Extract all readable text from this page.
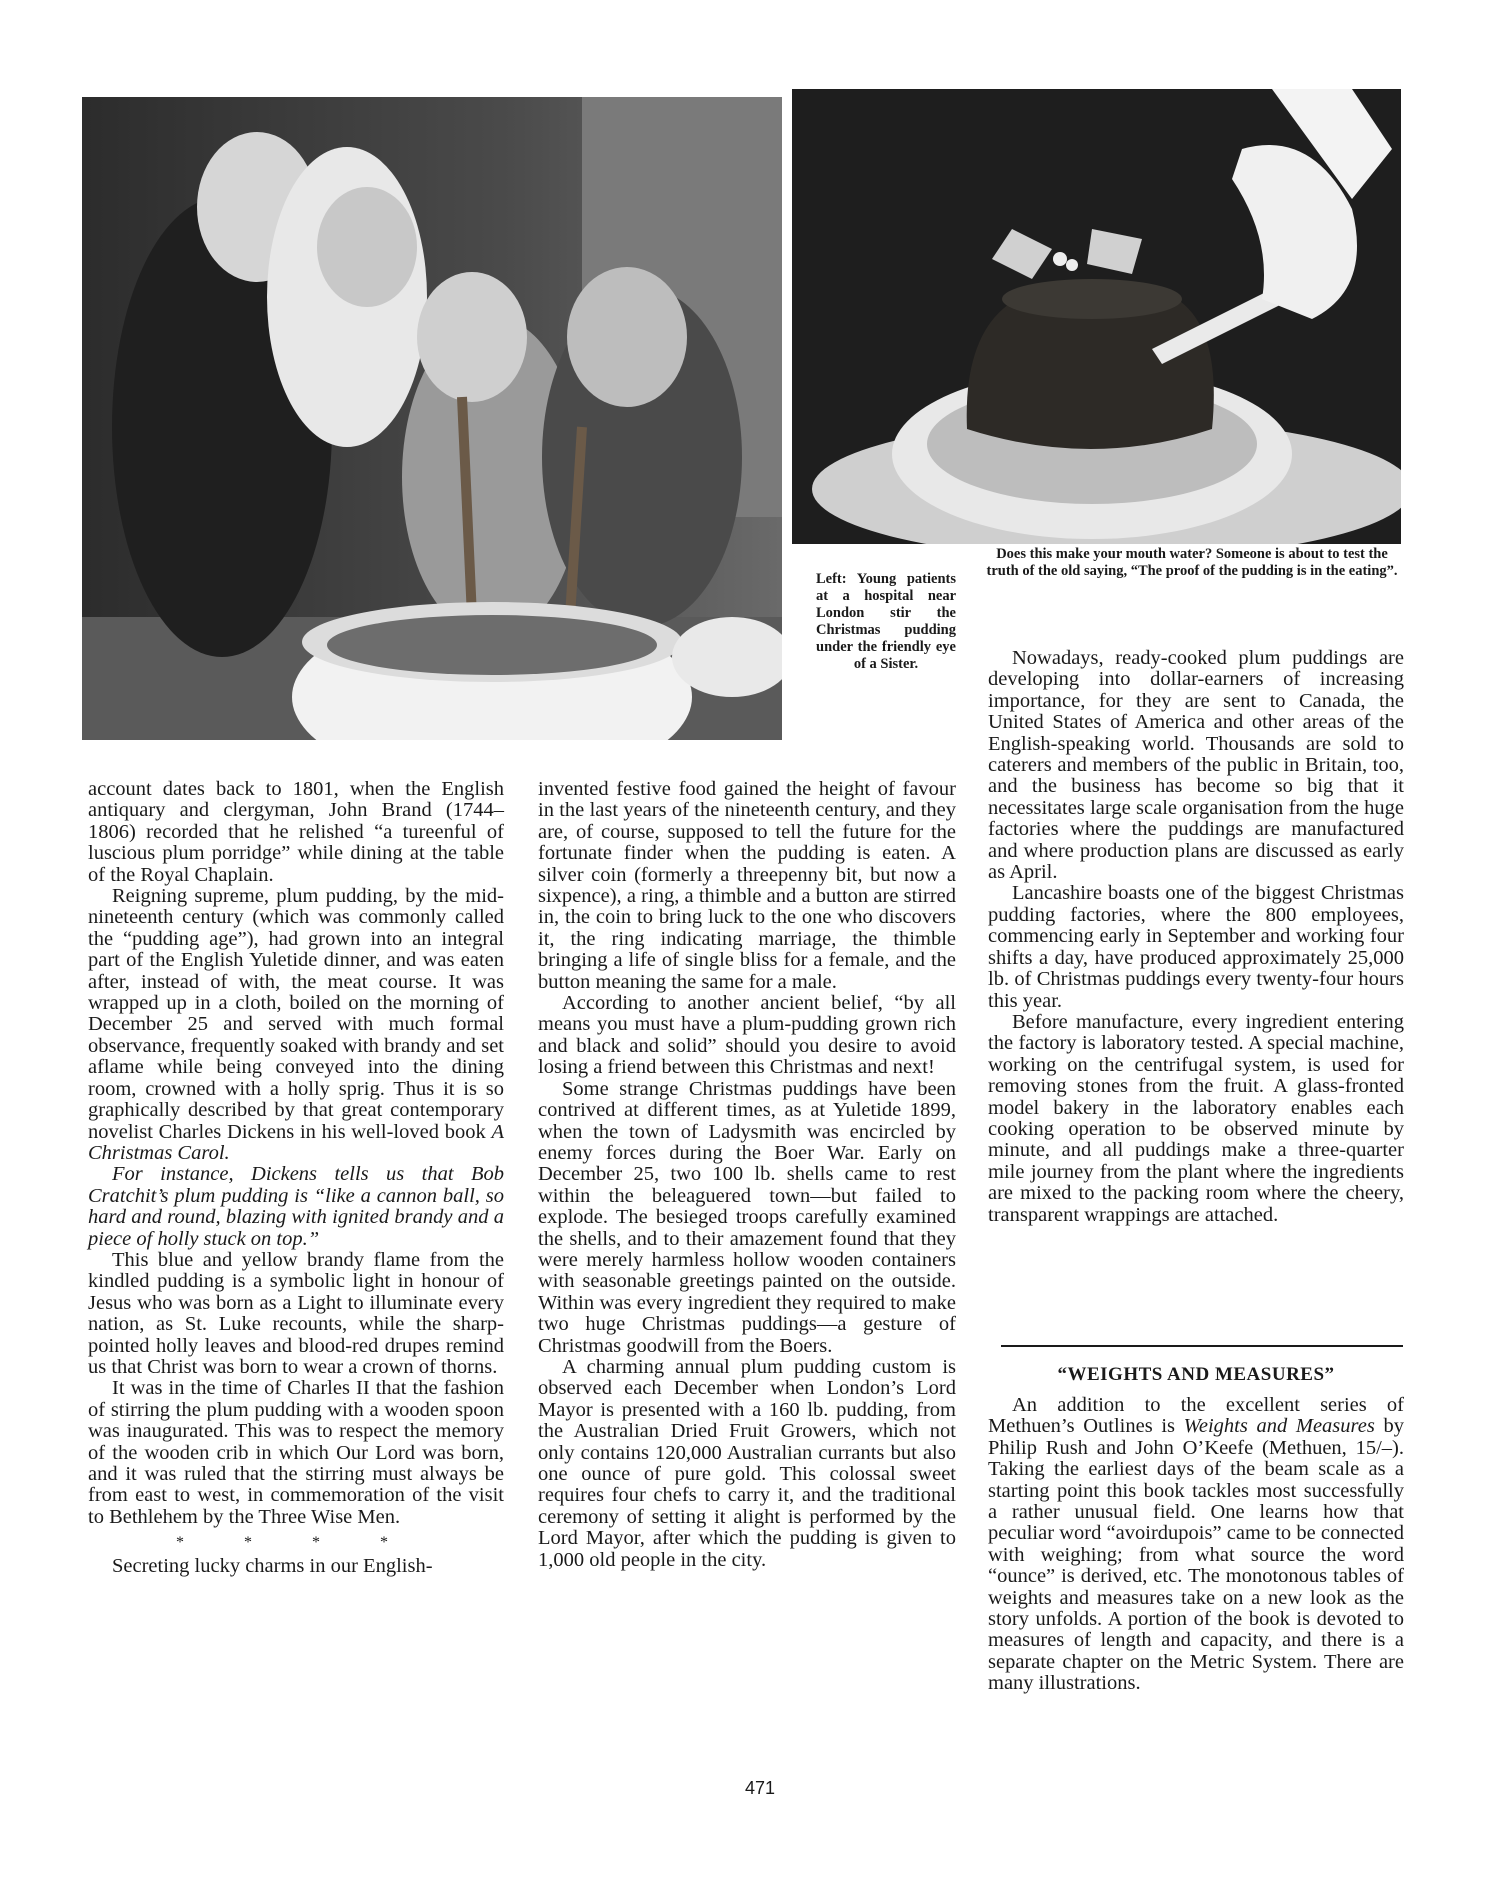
Left: Young patients at a hospital near London stir the Christmas pudding under the friendly eye of a Sister.
Does this make your mouth water? Someone is about to test the truth of the old saying, “The proof of the pudding is in the eating”.

account dates back to 1801, when the English antiquary and clergyman, John Brand (1744–1806) recorded that he relished “a tureenful of luscious plum porridge” while dining at the table of the Royal Chaplain.

Reigning supreme, plum pudding, by the mid-nineteenth century (which was commonly called the “pudding age”), had grown into an integral part of the English Yuletide dinner, and was eaten after, instead of with, the meat course. It was wrapped up in a cloth, boiled on the morning of December 25 and served with much formal observance, frequently soaked with brandy and set aflame while being conveyed into the dining room, crowned with a holly sprig. Thus it is so graphically described by that great contemporary novelist Charles Dickens in his well-loved book A Christmas Carol.

For instance, Dickens tells us that Bob Cratchit’s plum pudding is “like a cannon ball, so hard and round, blazing with ignited brandy and a piece of holly stuck on top.”

This blue and yellow brandy flame from the kindled pudding is a symbolic light in honour of Jesus who was born as a Light to illuminate every nation, as St. Luke recounts, while the sharp-pointed holly leaves and blood-red drupes remind us that Christ was born to wear a crown of thorns.

It was in the time of Charles II that the fashion of stirring the plum pudding with a wooden spoon was inaugurated. This was to respect the memory of the wooden crib in which Our Lord was born, and it was ruled that the stirring must always be from east to west, in commemoration of the visit to Bethlehem by the Three Wise Men.

* * * *

Secreting lucky charms in our English-

invented festive food gained the height of favour in the last years of the nineteenth century, and they are, of course, supposed to tell the future for the fortunate finder when the pudding is eaten. A silver coin (formerly a threepenny bit, but now a sixpence), a ring, a thimble and a button are stirred in, the coin to bring luck to the one who discovers it, the ring indicating marriage, the thimble bringing a life of single bliss for a female, and the button meaning the same for a male.

According to another ancient belief, “by all means you must have a plum-pudding grown rich and black and solid” should you desire to avoid losing a friend between this Christmas and next!

Some strange Christmas puddings have been contrived at different times, as at Yuletide 1899, when the town of Ladysmith was encircled by enemy forces during the Boer War. Early on December 25, two 100 lb. shells came to rest within the beleaguered town—but failed to explode. The besieged troops carefully examined the shells, and to their amazement found that they were merely harmless hollow wooden containers with seasonable greetings painted on the outside. Within was every ingredient they required to make two huge Christmas puddings—a gesture of Christmas goodwill from the Boers.

A charming annual plum pudding custom is observed each December when London’s Lord Mayor is presented with a 160 lb. pudding, from the Australian Dried Fruit Growers, which not only contains 120,000 Australian currants but also one ounce of pure gold. This colossal sweet requires four chefs to carry it, and the traditional ceremony of setting it alight is performed by the Lord Mayor, after which the pudding is given to 1,000 old people in the city.

Nowadays, ready-cooked plum puddings are developing into dollar-earners of increasing importance, for they are sent to Canada, the United States of America and other areas of the English-speaking world. Thousands are sold to caterers and members of the public in Britain, too, and the business has become so big that it necessitates large scale organisation from the huge factories where the puddings are manufactured and where production plans are discussed as early as April.

Lancashire boasts one of the biggest Christmas pudding factories, where the 800 employees, commencing early in September and working four shifts a day, have produced approximately 25,000 lb. of Christmas puddings every twenty-four hours this year.

Before manufacture, every ingredient entering the factory is laboratory tested. A special machine, working on the centrifugal system, is used for removing stones from the fruit. A glass-fronted model bakery in the laboratory enables each cooking operation to be observed minute by minute, and all puddings make a three-quarter mile journey from the plant where the ingredients are mixed to the packing room where the cheery, transparent wrappings are attached.

“WEIGHTS AND MEASURES”

An addition to the excellent series of Methuen’s Outlines is Weights and Measures by Philip Rush and John O’Keefe (Methuen, 15/–). Taking the earliest days of the beam scale as a starting point this book tackles most successfully a rather unusual field. One learns how that peculiar word “avoirdupois” came to be connected with weighing; from what source the word “ounce” is derived, etc. The monotonous tables of weights and measures take on a new look as the story unfolds. A portion of the book is devoted to measures of length and capacity, and there is a separate chapter on the Metric System. There are many illustrations.

471
